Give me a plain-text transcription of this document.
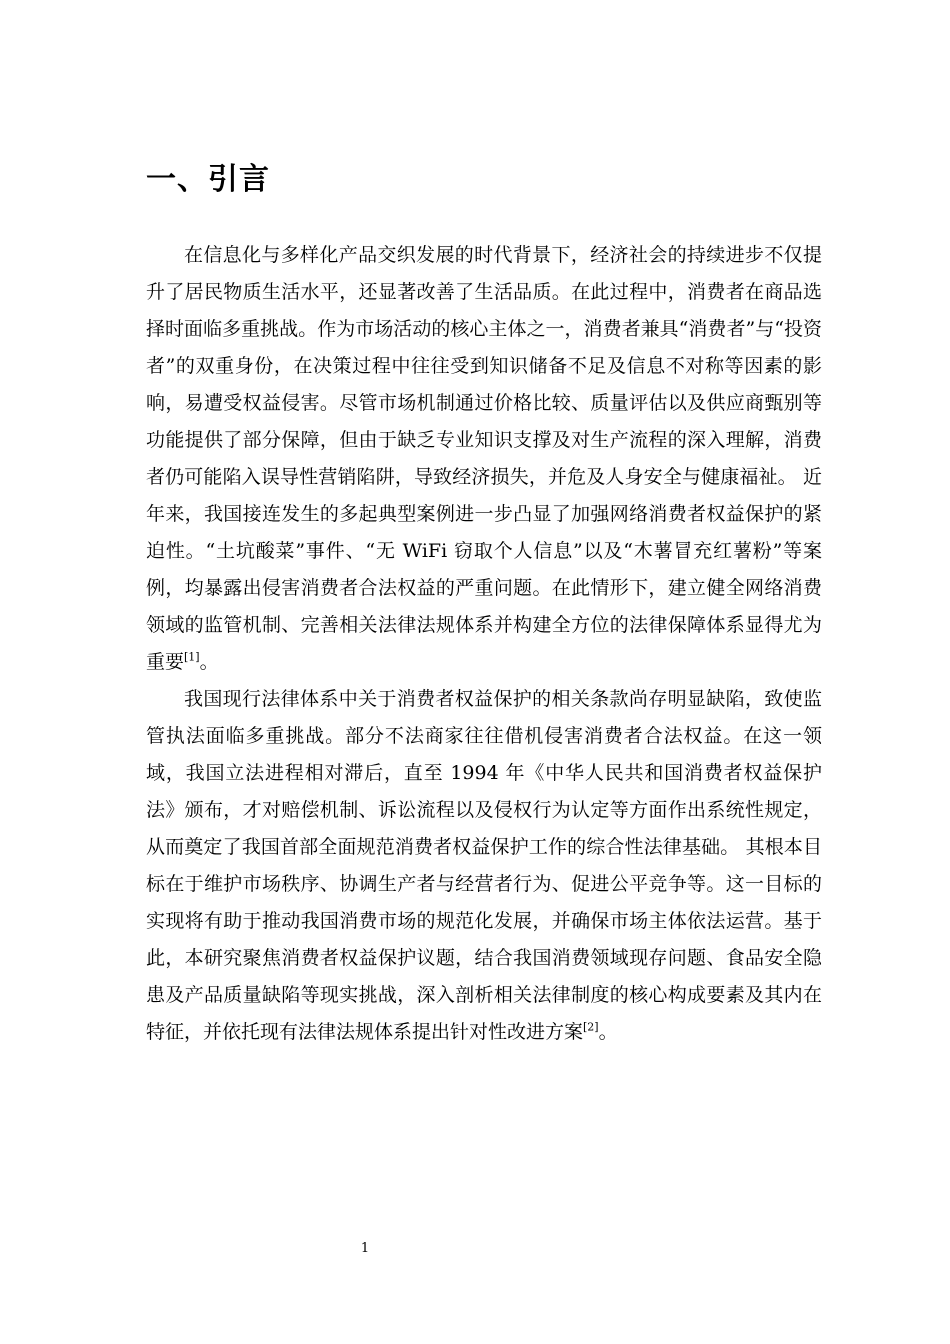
一、引言

在信息化与多样化产品交织发展的时代背景下，经济社会的持续进步不仅提升了居民物质生活水平，还显著改善了生活品质。在此过程中，消费者在商品选择时面临多重挑战。作为市场活动的核心主体之一，消费者兼具“消费者”与“投资者”的双重身份，在决策过程中往往受到知识储备不足及信息不对称等因素的影响，易遭受权益侵害。尽管市场机制通过价格比较、质量评估以及供应商甄别等功能提供了部分保障，但由于缺乏专业知识支撑及对生产流程的深入理解，消费者仍可能陷入误导性营销陷阱，导致经济损失，并危及人身安全与健康福祉。 近年来，我国接连发生的多起典型案例进一步凸显了加强网络消费者权益保护的紧迫性。“土坑酸菜”事件、“无 WiFi 窃取个人信息”以及“木薯冒充红薯粉”等案例，均暴露出侵害消费者合法权益的严重问题。在此情形下，建立健全网络消费领域的监管机制、完善相关法律法规体系并构建全方位的法律保障体系显得尤为重要[1]。

我国现行法律体系中关于消费者权益保护的相关条款尚存明显缺陷，致使监管执法面临多重挑战。部分不法商家往往借机侵害消费者合法权益。在这一领域，我国立法进程相对滞后，直至 1994 年《中华人民共和国消费者权益保护法》颁布，才对赔偿机制、诉讼流程以及侵权行为认定等方面作出系统性规定，从而奠定了我国首部全面规范消费者权益保护工作的综合性法律基础。 其根本目标在于维护市场秩序、协调生产者与经营者行为、促进公平竞争等。这一目标的实现将有助于推动我国消费市场的规范化发展，并确保市场主体依法运营。基于此，本研究聚焦消费者权益保护议题，结合我国消费领域现存问题、食品安全隐患及产品质量缺陷等现实挑战，深入剖析相关法律制度的核心构成要素及其内在特征，并依托现有法律法规体系提出针对性改进方案[2]。

1
